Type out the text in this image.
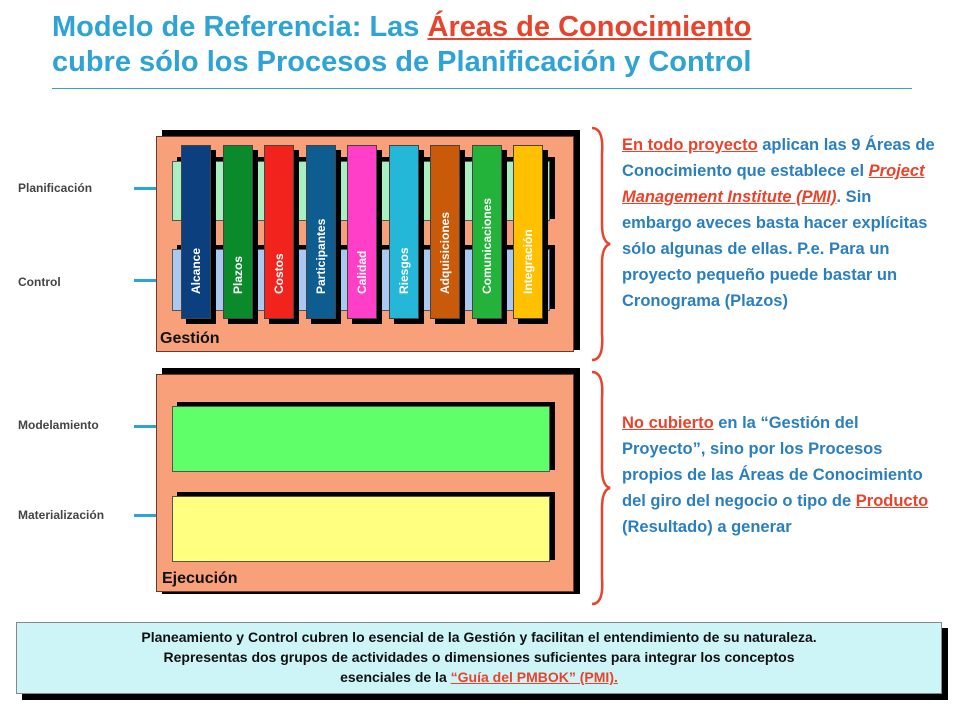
Modelo de Referencia: Las Áreas de Conocimiento
cubre sólo los Procesos de Planificación y Control
Planificación
Control
Modelamiento
Materialización
Gestión
Alcance Plazos Costos Participantes Calidad Riesgos Adquisiciones Comunicaciones Integración
Ejecución
En todo proyecto aplican las 9 Áreas de Conocimiento que establece el Project Management Institute (PMI). Sin embargo aveces basta hacer explícitas sólo algunas de ellas. P.e. Para un proyecto pequeño puede bastar un Cronograma (Plazos)
No cubierto en la “Gestión del Proyecto”, sino por los Procesos propios de las Áreas de Conocimiento del giro del negocio o tipo de Producto (Resultado) a generar
Planeamiento y Control cubren lo esencial de la Gestión y facilitan el entendimiento de su naturaleza.
Representas dos grupos de actividades o dimensiones suficientes para integrar los conceptos
esenciales de la “Guía del PMBOK” (PMI).
